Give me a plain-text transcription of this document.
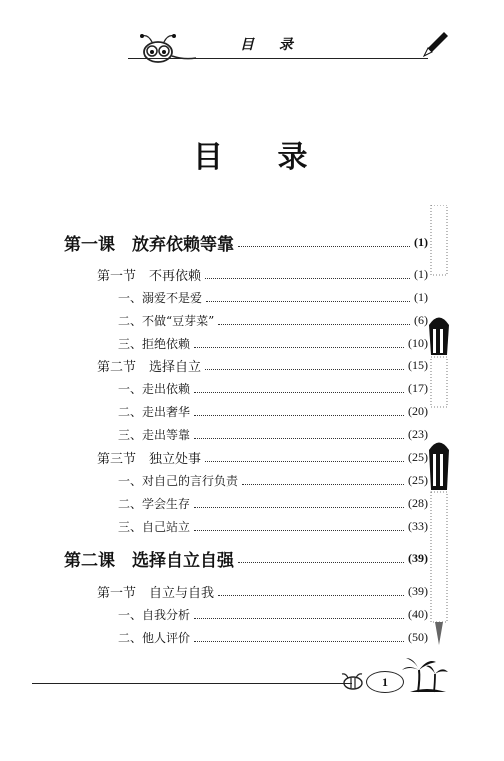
目 录
目 录
第一课　放弃依赖等靠	(1)
第一节　不再依赖	(1)
一、溺爱不是爱	(1)
二、不做“豆芽菜”	(6)
三、拒绝依赖	(10)
第二节　选择自立	(15)
一、走出依赖	(17)
二、走出奢华	(20)
三、走出等靠	(23)
第三节　独立处事	(25)
一、对自己的言行负责	(25)
二、学会生存	(28)
三、自己站立	(33)
第二课　选择自立自强	(39)
第一节　自立与自我	(39)
一、自我分析	(40)
二、他人评价	(50)
1
